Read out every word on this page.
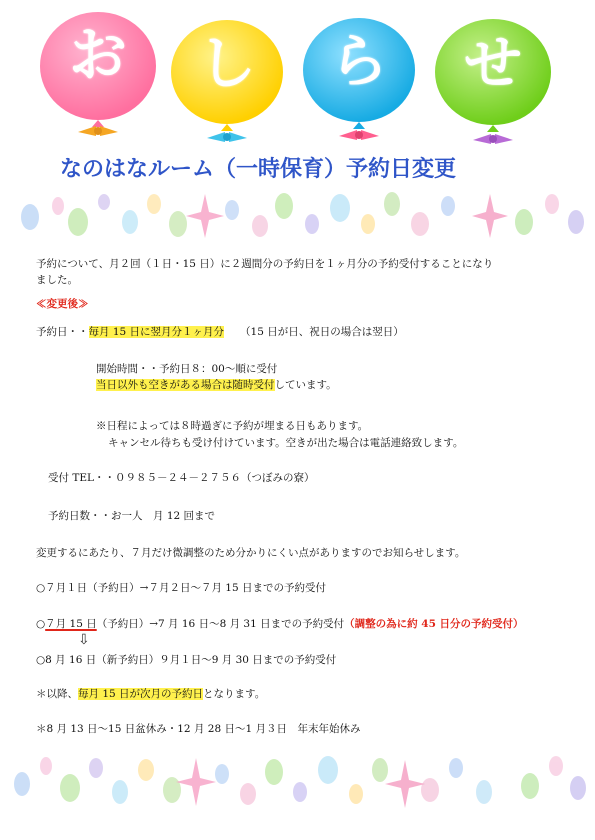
お	し	ら	せ
なのはなルーム（一時保育）予約日変更
予約について、月２回（１日・15 日）に２週間分の予約日を１ヶ月分の予約受付することになり
ました。
≪変更後≫
予約日・・毎月 15 日に翌月分１ヶ月分 （15 日が日、祝日の場合は翌日）
開始時間・・予約日８：00～順に受付
当日以外も空きがある場合は随時受付しています。
※日程によっては８時過ぎに予約が埋まる日もあります。
キャンセル待ちも受け付けています。空きが出た場合は電話連絡致します。
受付 TEL・・０９８５－２４－２７５６（つぼみの寮）
予約日数・・お一人　月 12 回まで
変更するにあたり、７月だけ微調整のため分かりにくい点がありますのでお知らせします。
○７月１日（予約日）→７月２日～７月 15 日までの予約受付
○７月 15 日（予約日）→7 月 16 日～8 月 31 日までの予約受付（調整の為に約 45 日分の予約受付）
⇩
○8 月 16 日（新予約日）９月１日～9 月 30 日までの予約受付
＊以降、毎月 15 日が次月の予約日となります。
＊8 月 13 日～15 日盆休み・12 月 28 日～1 月３日　年末年始休み
